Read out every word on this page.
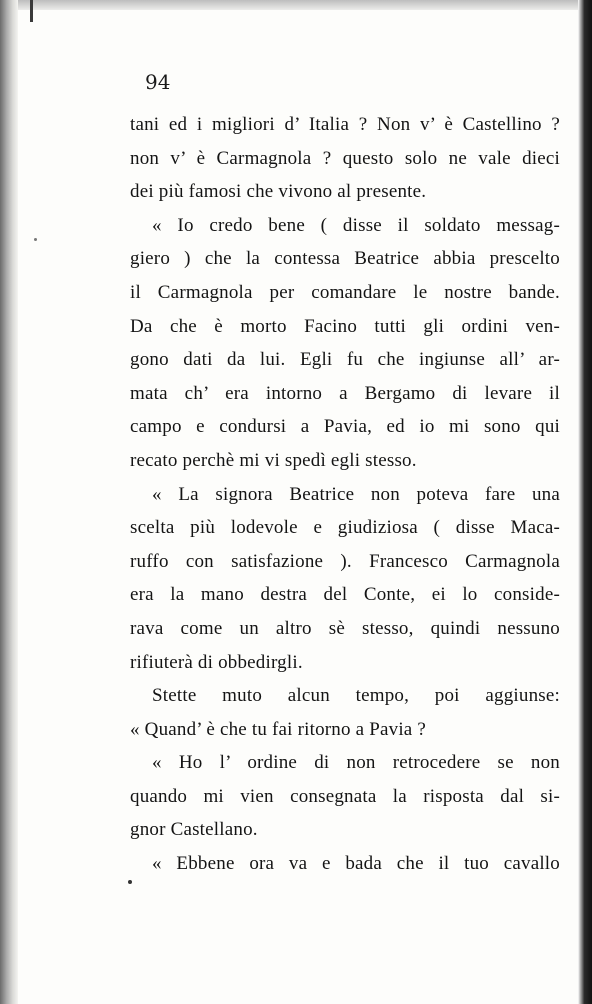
94
tani ed i migliori d’ Italia ? Non v’ è Castellino ?
non v’ è Carmagnola ? questo solo ne vale dieci
dei più famosi che vivono al presente.
« Io credo bene ( disse il soldato messag-
giero ) che la contessa Beatrice abbia prescelto
il Carmagnola per comandare le nostre bande.
Da che è morto Facino tutti gli ordini ven-
gono dati da lui. Egli fu che ingiunse all’ ar-
mata ch’ era intorno a Bergamo di levare il
campo e condursi a Pavia, ed io mi sono qui
recato perchè mi vi spedì egli stesso.
« La signora Beatrice non poteva fare una
scelta più lodevole e giudiziosa ( disse Maca-
ruffo con satisfazione ). Francesco Carmagnola
era la mano destra del Conte, ei lo conside-
rava come un altro sè stesso, quindi nessuno
rifiuterà di obbedirgli.
Stette muto alcun tempo, poi aggiunse:
« Quand’ è che tu fai ritorno a Pavia ?
« Ho l’ ordine di non retrocedere se non
quando mi vien consegnata la risposta dal si-
gnor Castellano.
« Ebbene ora va e bada che il tuo cavallo
